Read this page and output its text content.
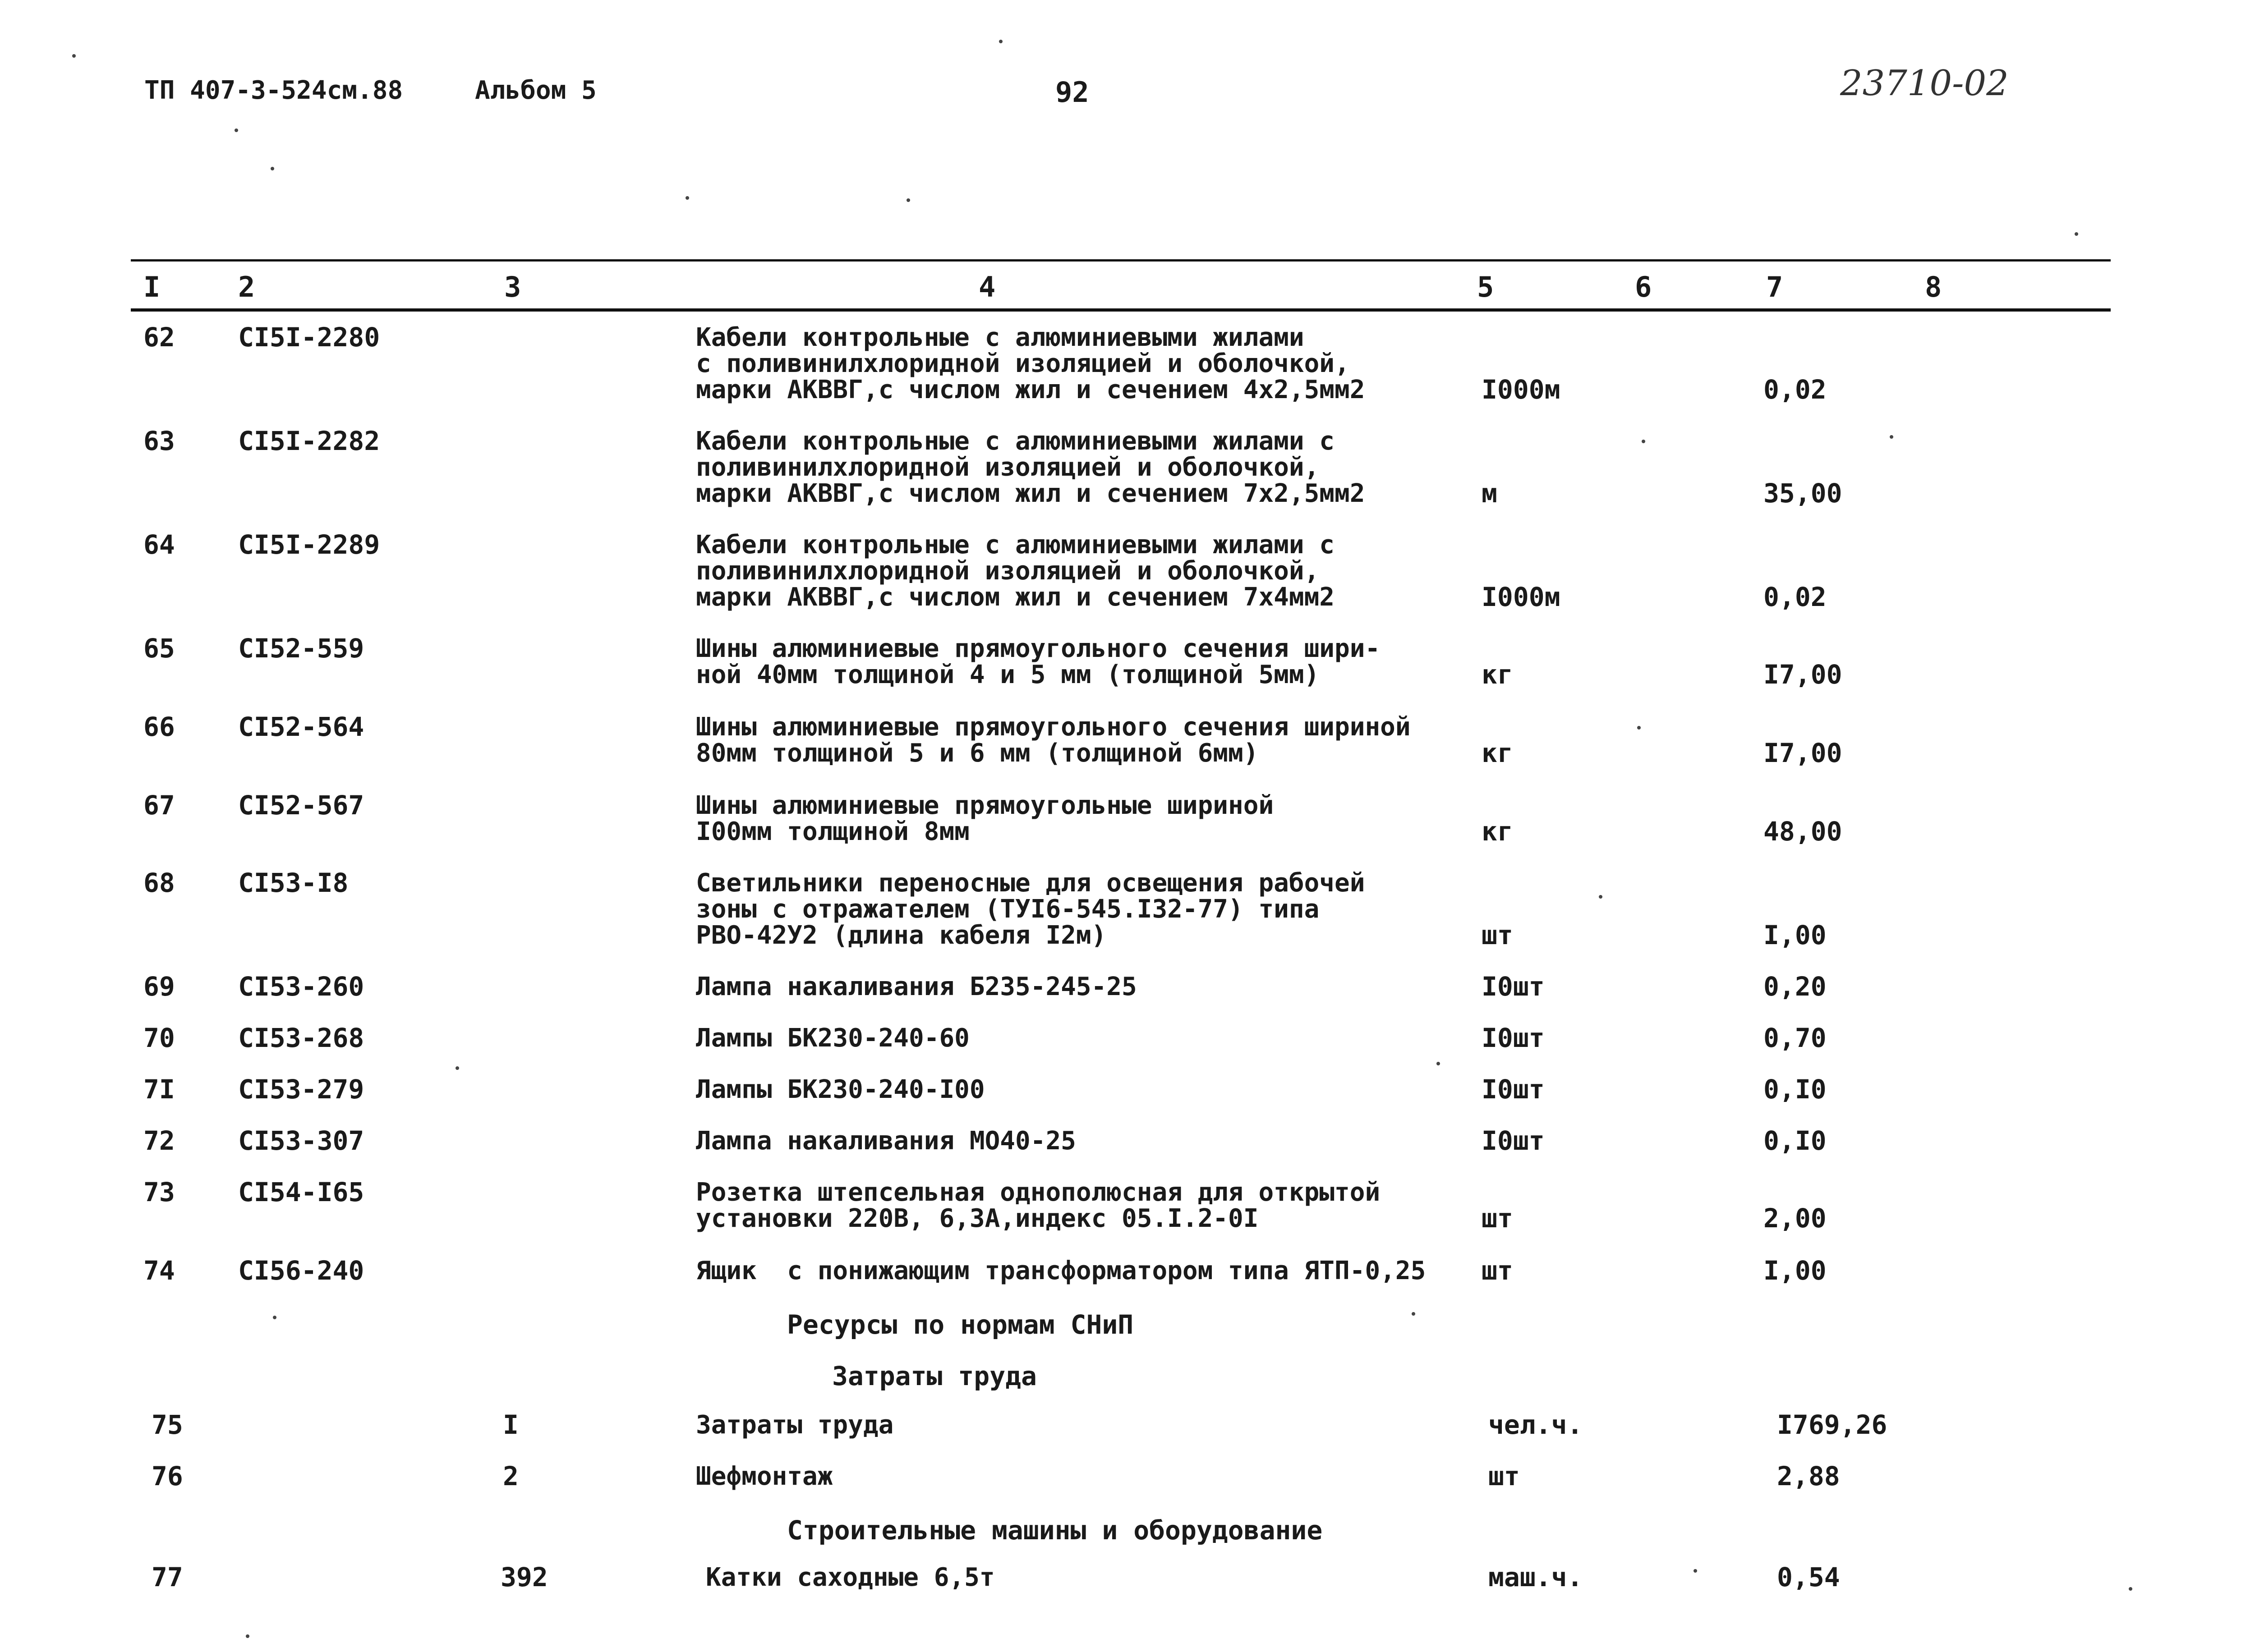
ТП 407-3-524см.88	Альбом 5	92	23710-02
I	2	3	4	5	6	7	8
62 СI5I-2280	Кабели контрольные с алюминиевыми жилами
с поливинилхлоридной изоляцией и оболочкой,
марки АКВВГ,с числом жил и сечением 4х2,5мм2	I000м	0,02
63 СI5I-2282	Кабели контрольные с алюминиевыми жилами с
поливинилхлоридной изоляцией и оболочкой,
марки АКВВГ,с числом жил и сечением 7х2,5мм2	м	35,00
64 СI5I-2289	Кабели контрольные с алюминиевыми жилами с
поливинилхлоридной изоляцией и оболочкой,
марки АКВВГ,с числом жил и сечением 7х4мм2	I000м	0,02
65 СI52-559	Шины алюминиевые прямоугольного сечения шири-
ной 40мм толщиной 4 и 5 мм (толщиной 5мм)	кг	I7,00
66 СI52-564	Шины алюминиевые прямоугольного сечения шириной
80мм толщиной 5 и 6 мм (толщиной 6мм)	кг	I7,00
67 СI52-567	Шины алюминиевые прямоугольные шириной
I00мм толщиной 8мм	кг	48,00
68 СI53-I8	Светильники переносные для освещения рабочей
зоны с отражателем (ТУI6-545.I32-77) типа
РВО-42У2 (длина кабеля I2м)	шт	I,00
69 СI53-260	Лампа накаливания Б235-245-25	I0шт	0,20
70 СI53-268	Лампы БК230-240-60	I0шт	0,70
7I СI53-279	Лампы БК230-240-I00	I0шт	0,I0
72 СI53-307	Лампа накаливания МО40-25	I0шт	0,I0
73 СI54-I65	Розетка штепсельная однополюсная для открытой
установки 220В, 6,3А,индекс 05.I.2-0I	шт	2,00
74 СI56-240	Ящик  с понижающим трансформатором типа ЯТП-0,25 шт	I,00
Ресурсы по нормам СНиП
Затраты труда
75	I	Затраты труда	чел.ч.	I769,26
76	2	Шефмонтаж	шт	2,88
Строительные машины и оборудование
77	392	Катки саходные 6,5т	маш.ч.	0,54
